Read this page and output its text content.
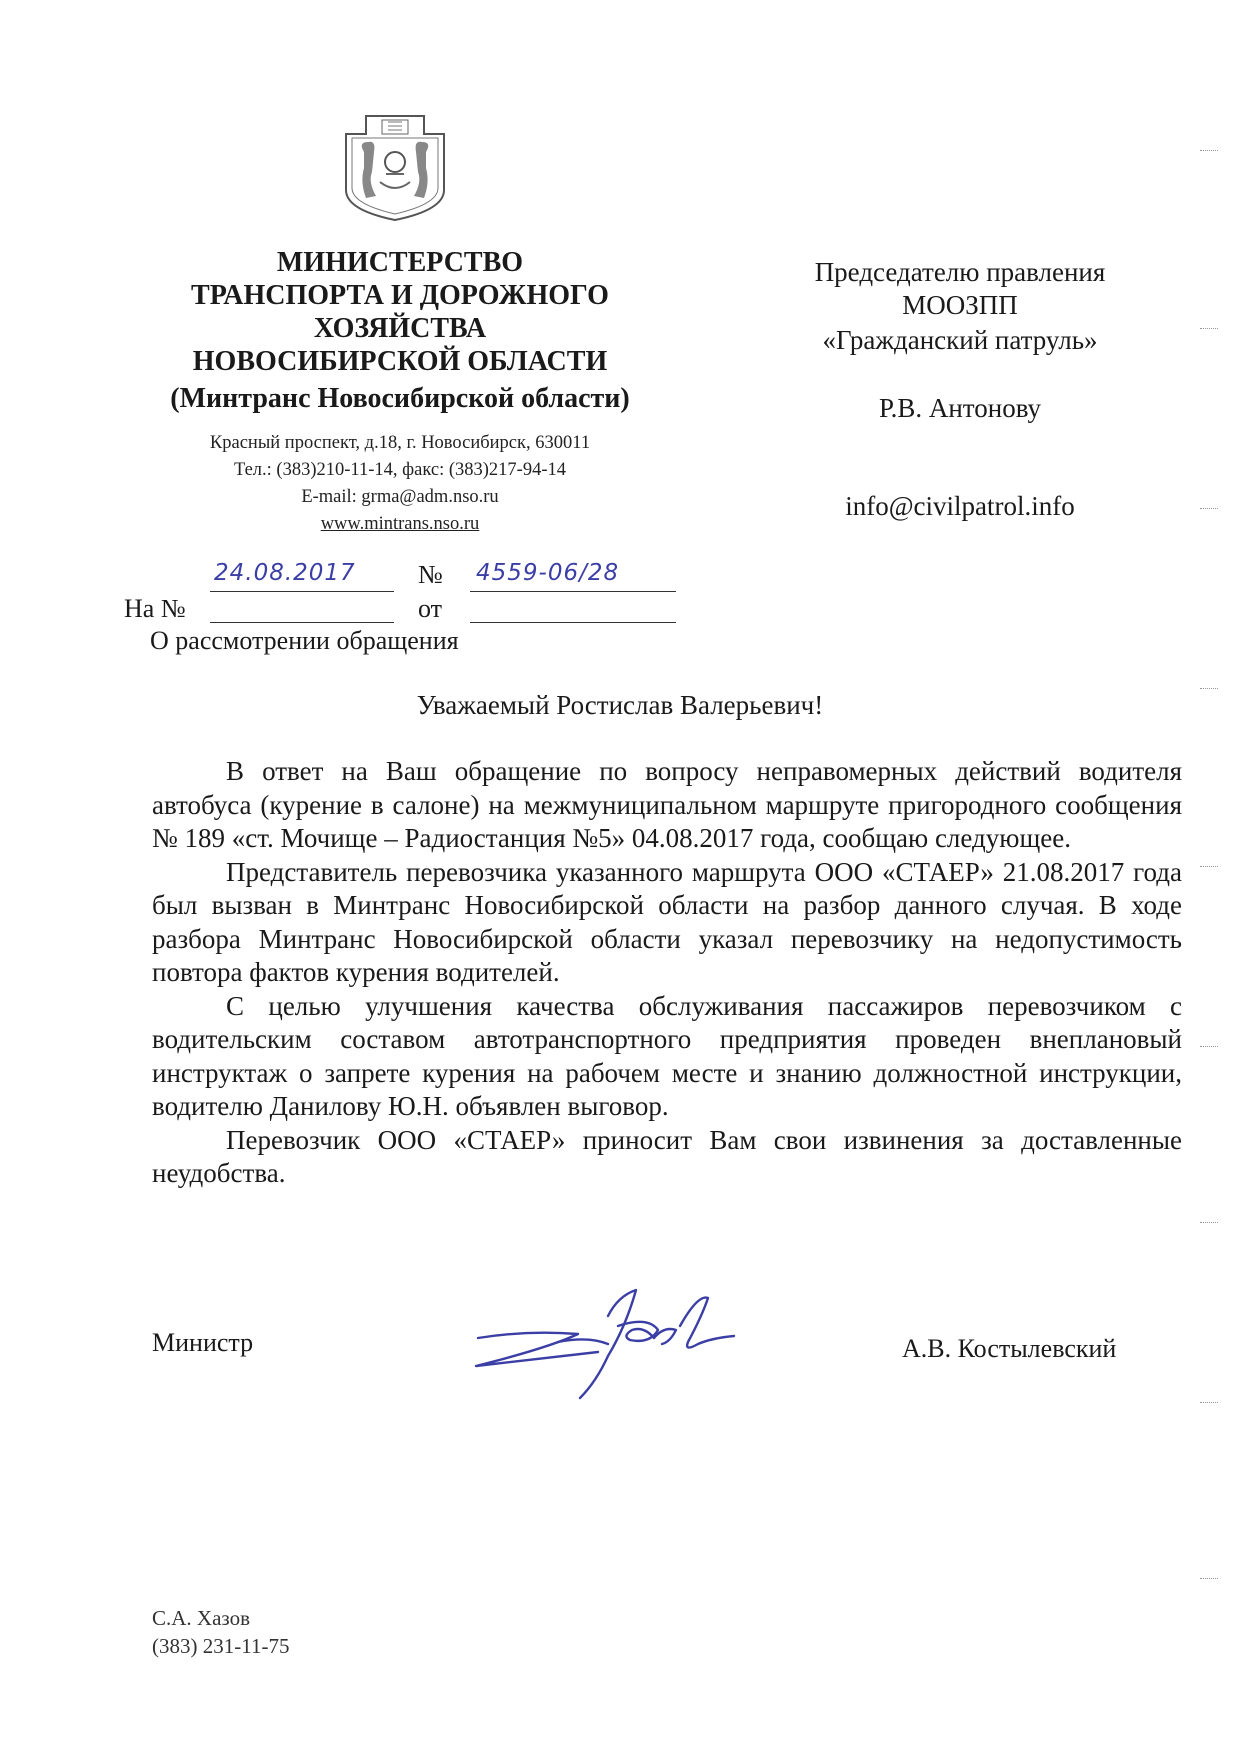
МИНИСТЕРСТВО
ТРАНСПОРТА И ДОРОЖНОГО
ХОЗЯЙСТВА
НОВОСИБИРСКОЙ ОБЛАСТИ
(Минтранс Новосибирской области)
Красный проспект, д.18, г. Новосибирск, 630011
Тел.: (383)210-11-14, факс: (383)217-94-14
E-mail: grma@adm.nso.ru
www.mintrans.nso.ru
Председателю правления
МООЗПП
«Гражданский патруль»
Р.В. Антонову
info@civilpatrol.info
24.08.2017 № 4559-06/28
На №	от
О рассмотрении обращения
Уважаемый Ростислав Валерьевич!

В ответ на Ваш обращение по вопросу неправомерных действий водителя автобуса (курение в салоне) на межмуниципальном маршруте пригородного сообщения № 189 «ст. Мочище – Радиостанция №5» 04.08.2017 года, сообщаю следующее.

Представитель перевозчика указанного маршрута ООО «СТАЕР» 21.08.2017 года был вызван в Минтранс Новосибирской области на разбор данного случая. В ходе разбора Минтранс Новосибирской области указал перевозчику на недопустимость повтора фактов курения водителей.

С целью улучшения качества обслуживания пассажиров перевозчиком с водительским составом автотранспортного предприятия проведен внеплановый инструктаж о запрете курения на рабочем месте и знанию должностной инструкции, водителю Данилову Ю.Н. объявлен выговор.

Перевозчик ООО «СТАЕР» приносит Вам свои извинения за доставленные неудобства.

Министр	А.В. Костылевский
С.А. Хазов
(383) 231-11-75
